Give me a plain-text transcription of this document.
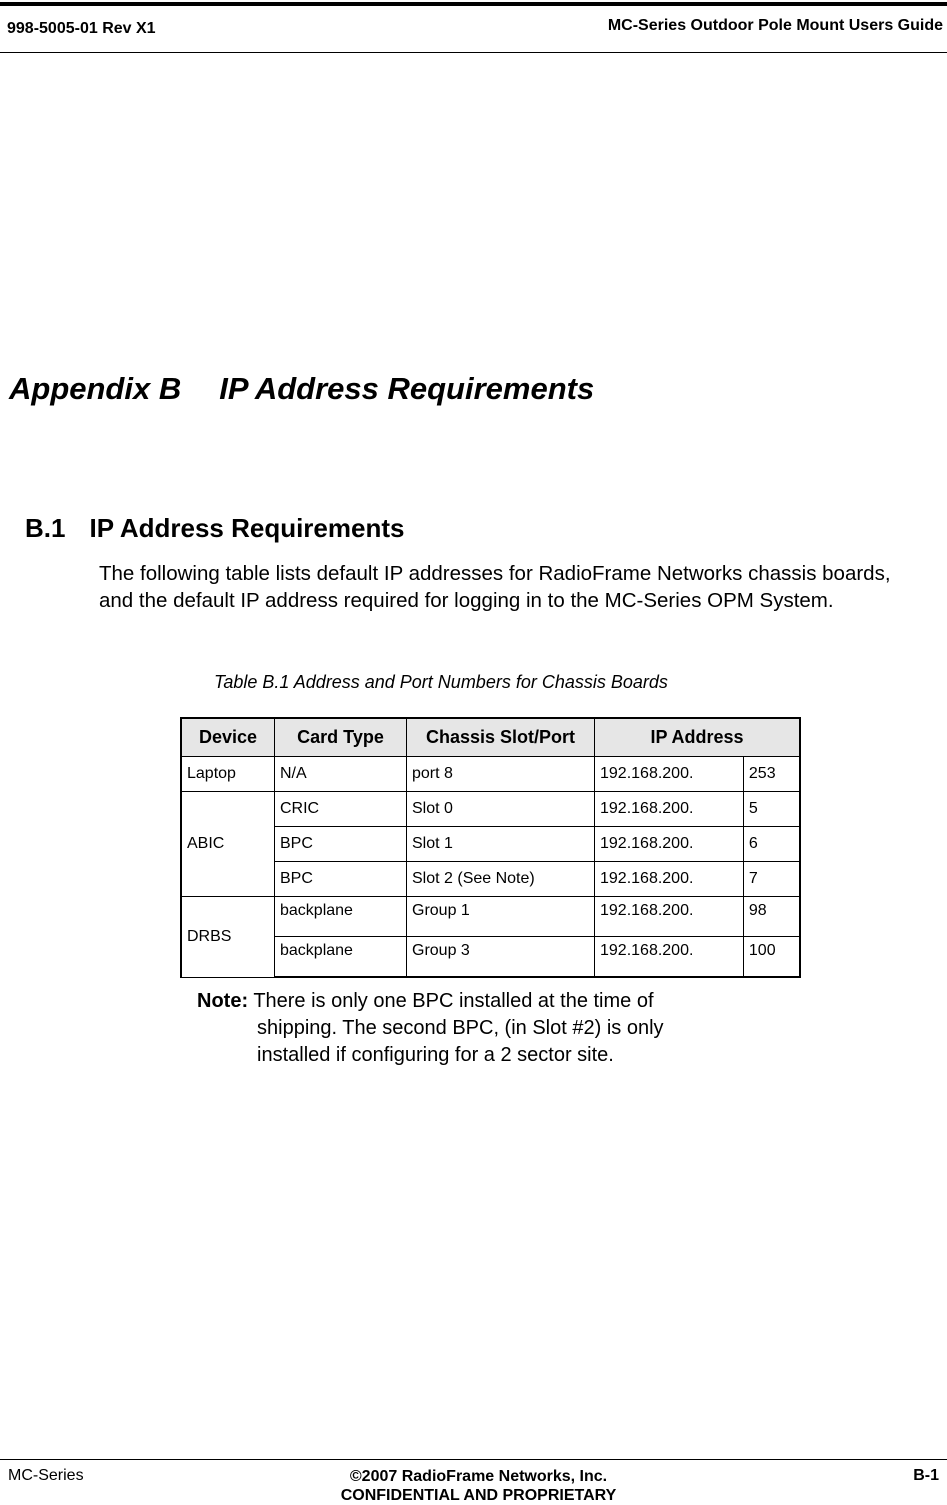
998-5005-01 Rev X1	MC-Series Outdoor Pole Mount Users Guide
Appendix B IP Address Requirements
B.1 IP Address Requirements
The following table lists default IP addresses for RadioFrame Networks chassis boards, and the default IP address required for logging in to the MC-Series OPM System.
Table B.1 Address and Port Numbers for Chassis Boards
Device	Card Type	Chassis Slot/Port	IP Address	
Laptop	N/A	port 8	192.168.200.	253
ABIC	CRIC	Slot 0	192.168.200.	5
	BPC	Slot 1	192.168.200.	6
	BPC	Slot 2 (See Note)	192.168.200.	7
DRBS	backplane	Group 1	192.168.200.	98
	backplane	Group 3	192.168.200.	100
Note: There is only one BPC installed at the time of
shipping. The second BPC, (in Slot #2) is only installed if configuring for a 2 sector site.
MC-Series	©2007 RadioFrame Networks, Inc.
CONFIDENTIAL AND PROPRIETARY
B-1
